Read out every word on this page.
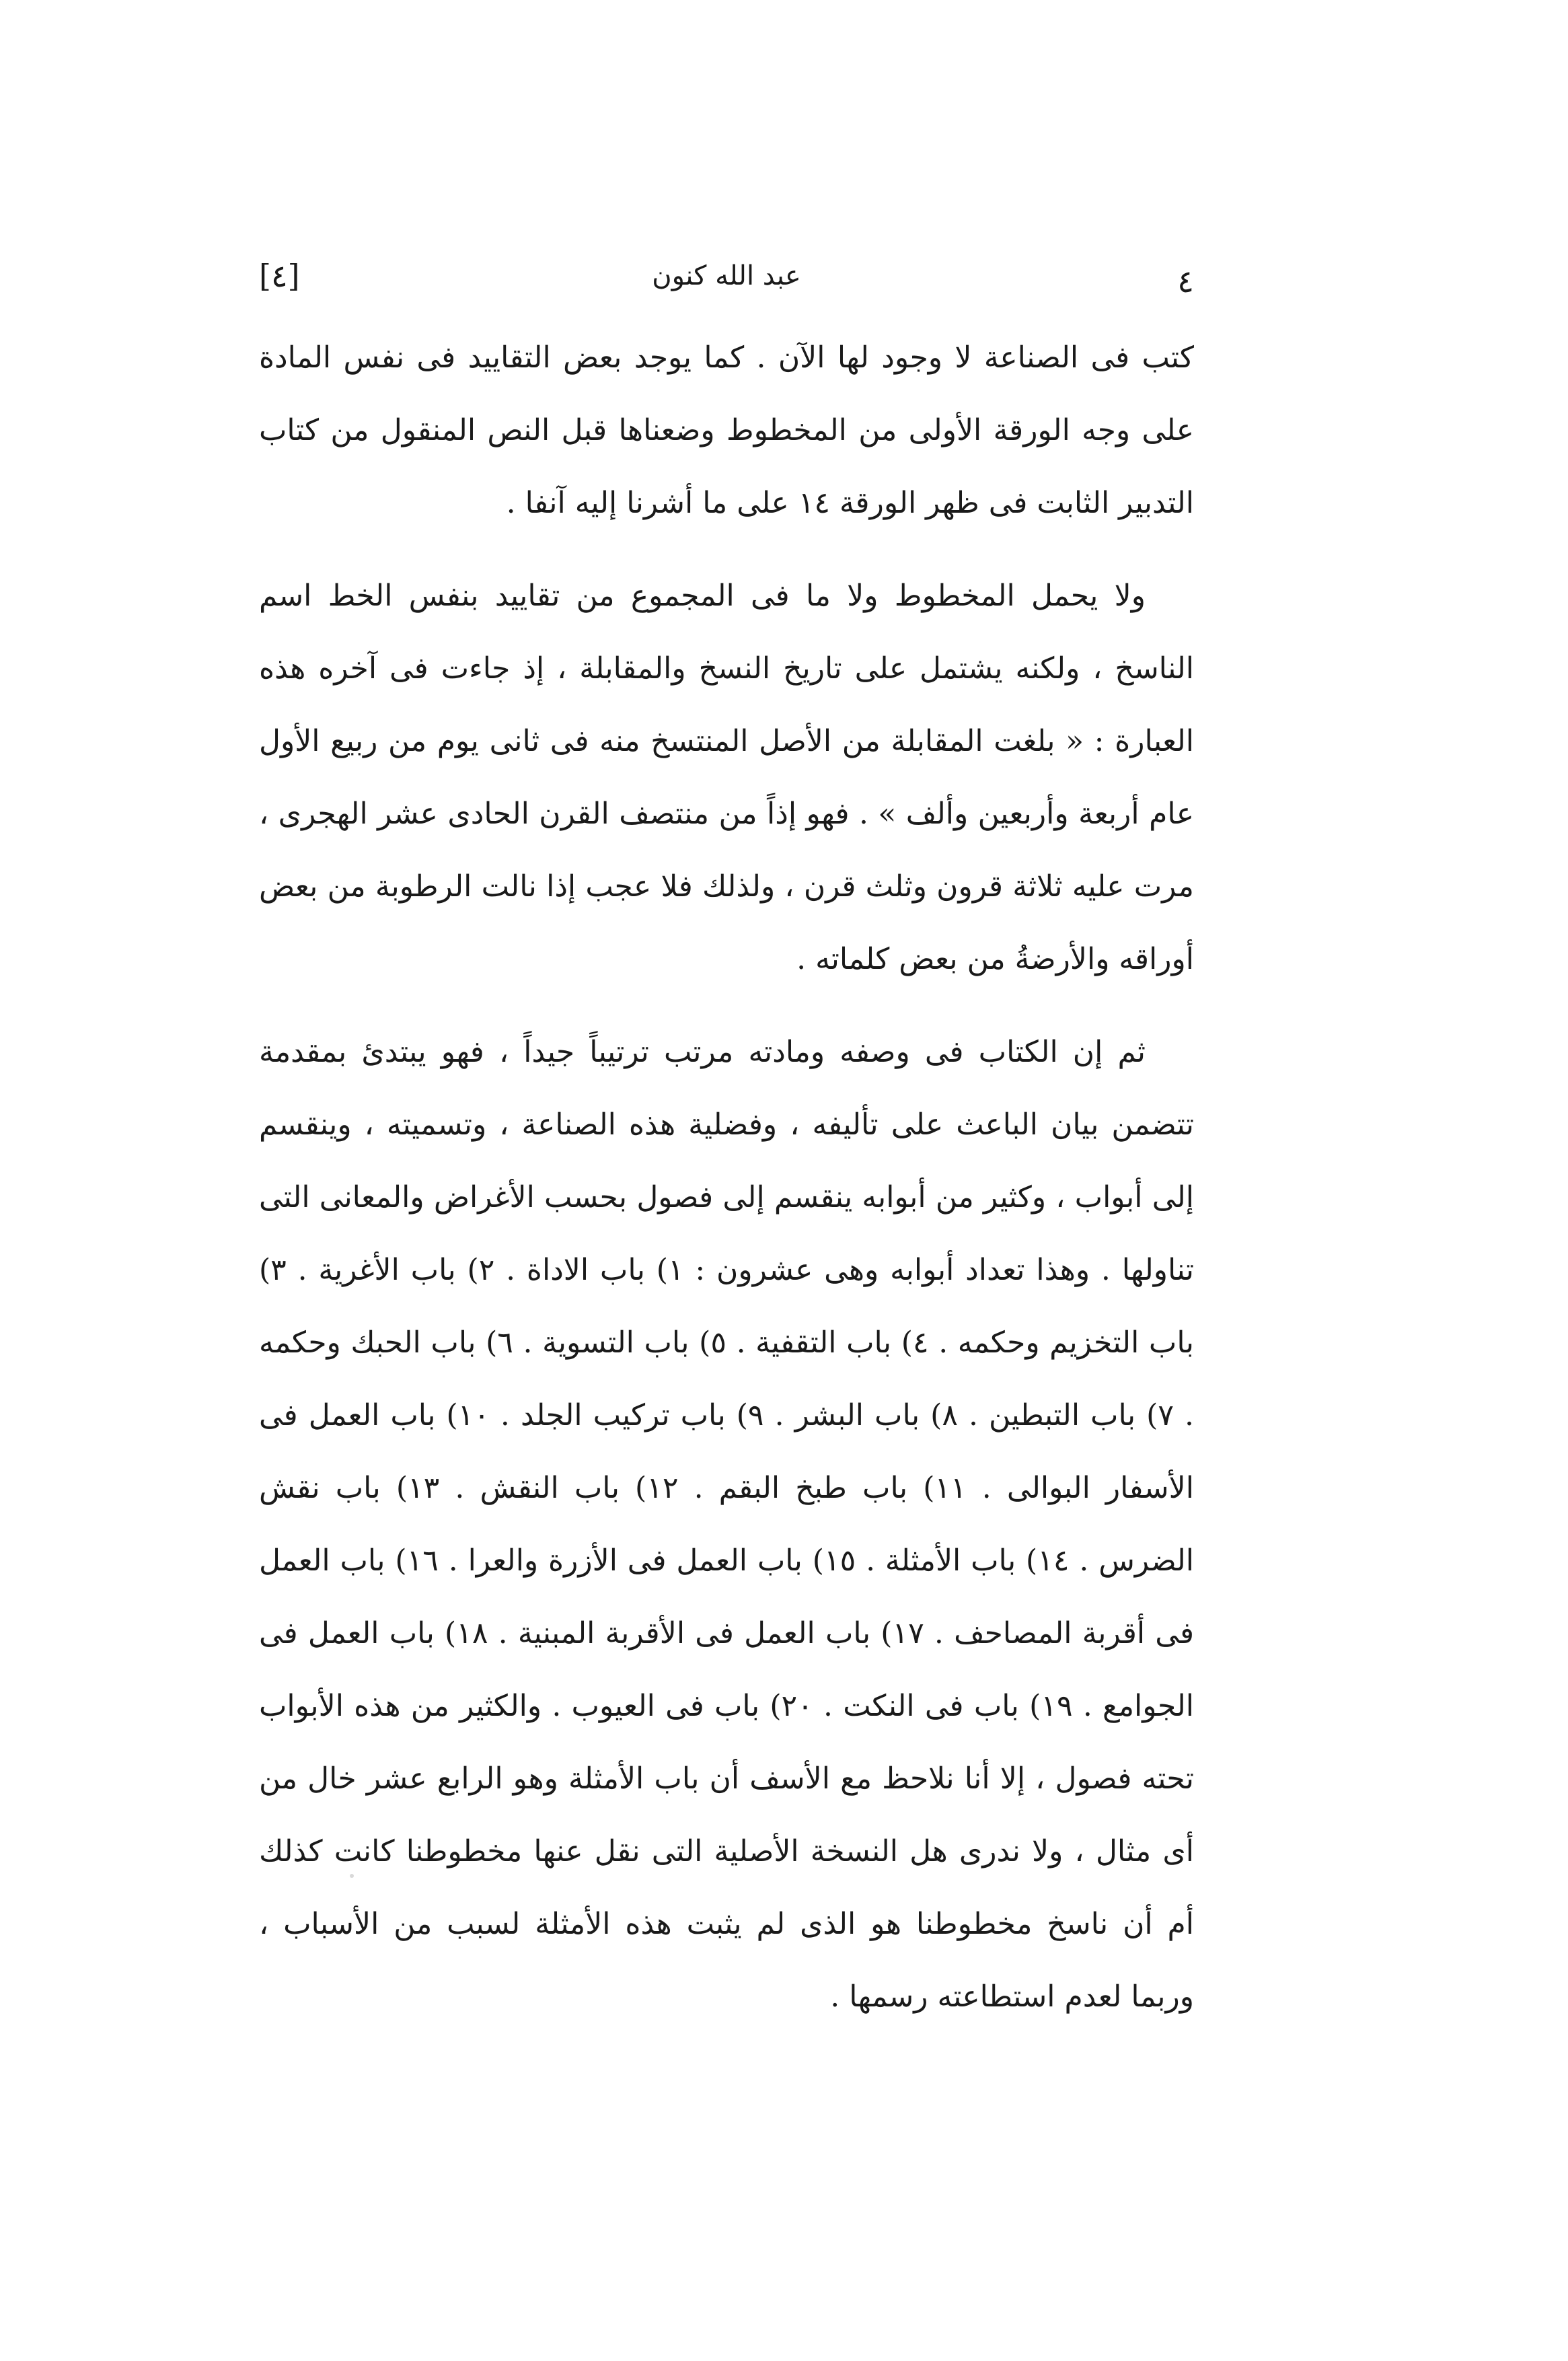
[٤]	عبد الله كنون	٤

كتب فى الصناعة لا وجود لها الآن . كما يوجد بعض التقاييد فى نفس المادة على وجه الورقة الأولى من المخطوط وضعناها قبل النص المنقول من كتاب التدبير الثابت فى ظهر الورقة ١٤ على ما أشرنا إليه آنفا .

ولا يحمل المخطوط ولا ما فى المجموع من تقاييد بنفس الخط اسم الناسخ ، ولكنه يشتمل على تاريخ النسخ والمقابلة ، إذ جاءت فى آخره هذه العبارة : « بلغت المقابلة من الأصل المنتسخ منه فى ثانى يوم من ربيع الأول عام أربعة وأربعين وألف » . فهو إذاً من منتصف القرن الحادى عشر الهجرى ، مرت عليه ثلاثة قرون وثلث قرن ، ولذلك فلا عجب إذا نالت الرطوبة من بعض أوراقه والأرضةُ من بعض كلماته .

ثم إن الكتاب فى وصفه ومادته مرتب ترتيباً جيداً ، فهو يبتدئ بمقدمة تتضمن بيان الباعث على تأليفه ، وفضلية هذه الصناعة ، وتسميته ، وينقسم إلى أبواب ، وكثير من أبوابه ينقسم إلى فصول بحسب الأغراض والمعانى التى تناولها . وهذا تعداد أبوابه وهى عشرون : ١) باب الاداة . ٢) باب الأغرية . ٣) باب التخزيم وحكمه . ٤) باب التقفية . ٥) باب التسوية . ٦) باب الحبك وحكمه . ٧) باب التبطين . ٨) باب البشر . ٩) باب تركيب الجلد . ١٠) باب العمل فى الأسفار البوالى . ١١) باب طبخ البقم . ١٢) باب النقش . ١٣) باب نقش الضرس . ١٤) باب الأمثلة . ١٥) باب العمل فى الأزرة والعرا . ١٦) باب العمل فى أقربة المصاحف . ١٧) باب العمل فى الأقربة المبنية . ١٨) باب العمل فى الجوامع . ١٩) باب فى النكت . ٢٠) باب فى العيوب . والكثير من هذه الأبواب تحته فصول ، إلا أنا نلاحظ مع الأسف أن باب الأمثلة وهو الرابع عشر خال من أى مثال ، ولا ندرى هل النسخة الأصلية التى نقل عنها مخطوطنا كانت كذلك أم أن ناسخ مخطوطنا هو الذى لم يثبت هذه الأمثلة لسبب من الأسباب ، وربما لعدم استطاعته رسمها .
